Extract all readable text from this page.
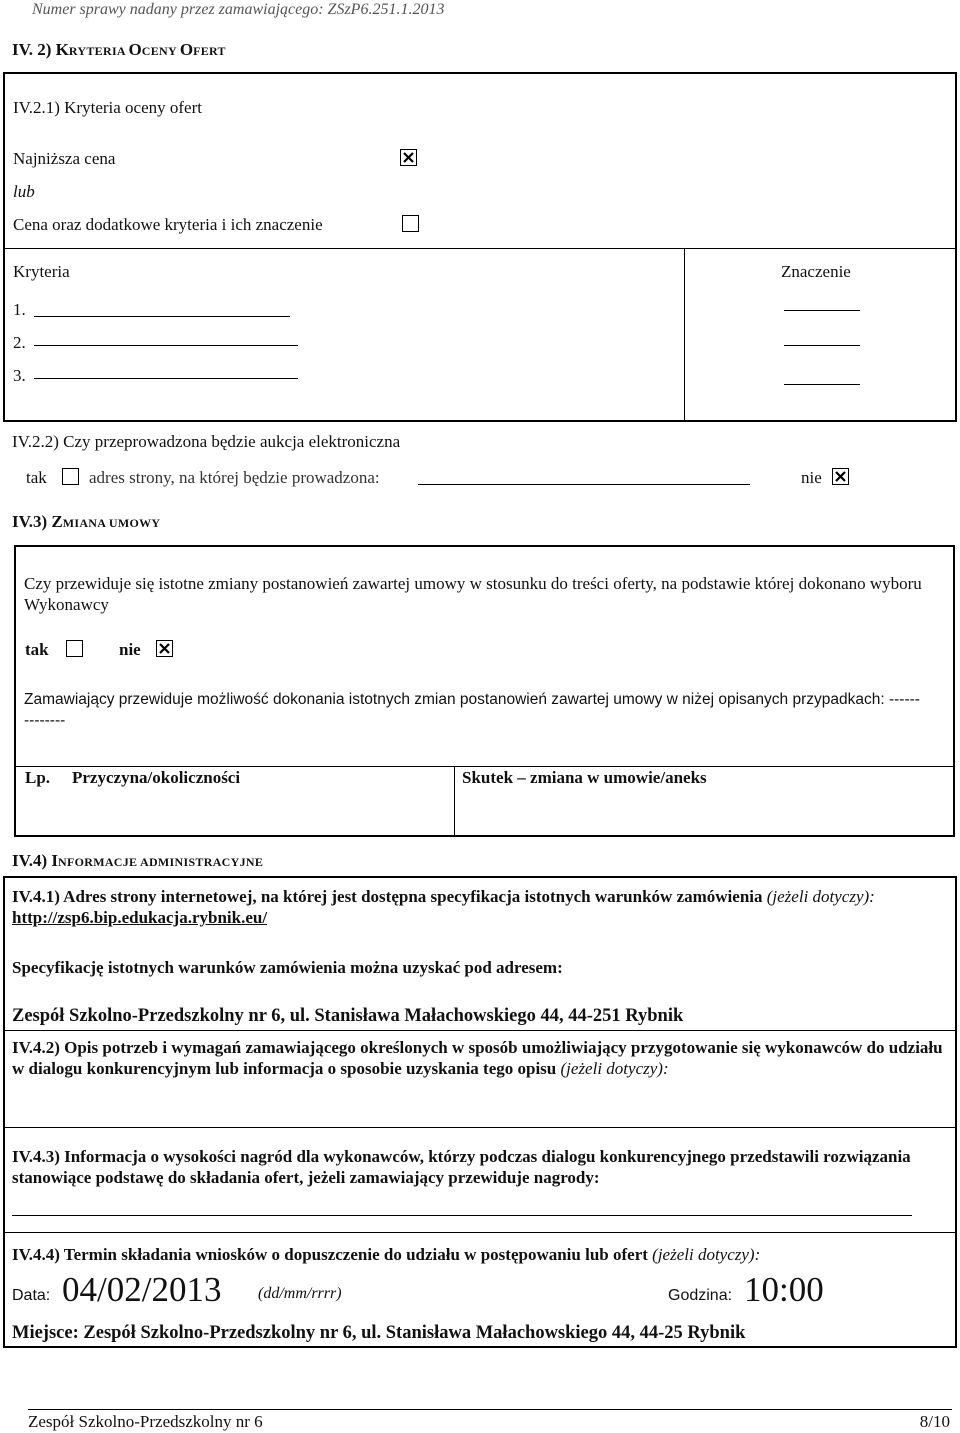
Numer sprawy nadany przez zamawiającego: ZSzP6.251.1.2013
IV. 2) KRYTERIA OCENY OFERT
IV.2.1) Kryteria oceny ofert
Najniższa cena
lub
Cena oraz dodatkowe kryteria i ich znaczenie
Kryteria	Znaczenie
1.
2.
3.
IV.2.2) Czy przeprowadzona będzie aukcja elektroniczna
tak adres strony, na której będzie prowadzona:	nie
IV.3) ZMIANA UMOWY
Czy przewiduje się istotne zmiany postanowień zawartej umowy w stosunku do treści oferty, na podstawie której dokonano wyboru Wykonawcy
tak	nie
Zamawiający przewiduje możliwość dokonania istotnych zmian postanowień zawartej umowy w niżej opisanych przypadkach: --------------
Lp. Przyczyna/okoliczności	Skutek – zmiana w umowie/aneks
IV.4) INFORMACJE ADMINISTRACYJNE
IV.4.1) Adres strony internetowej, na której jest dostępna specyfikacja istotnych warunków zamówienia (jeżeli dotyczy): http://zsp6.bip.edukacja.rybnik.eu/
Specyfikację istotnych warunków zamówienia można uzyskać pod adresem:
Zespół Szkolno-Przedszkolny nr 6, ul. Stanisława Małachowskiego 44, 44-251 Rybnik
IV.4.2) Opis potrzeb i wymagań zamawiającego określonych w sposób umożliwiający przygotowanie się wykonawców do udziału w dialogu konkurencyjnym lub informacja o sposobie uzyskania tego opisu (jeżeli dotyczy):
IV.4.3) Informacja o wysokości nagród dla wykonawców, którzy podczas dialogu konkurencyjnego przedstawili rozwiązania stanowiące podstawę do składania ofert, jeżeli zamawiający przewiduje nagrody:
IV.4.4) Termin składania wniosków o dopuszczenie do udziału w postępowaniu lub ofert (jeżeli dotyczy):
Data: 04/02/2013 (dd/mm/rrrr)	Godzina: 10:00
Miejsce: Zespół Szkolno-Przedszkolny nr 6, ul. Stanisława Małachowskiego 44, 44-25 Rybnik
Zespół Szkolno-Przedszkolny nr 6	8/10
